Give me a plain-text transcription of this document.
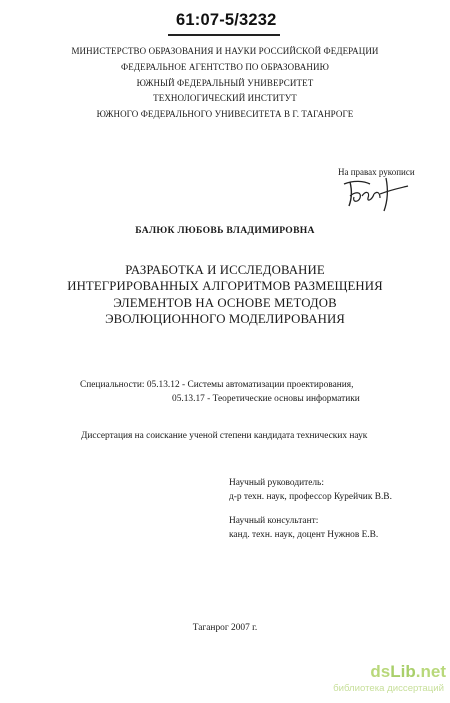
61:07-5/3232
МИНИСТЕРСТВО ОБРАЗОВАНИЯ И НАУКИ РОССИЙСКОЙ ФЕДЕРАЦИИ
ФЕДЕРАЛЬНОЕ АГЕНТСТВО ПО ОБРАЗОВАНИЮ
ЮЖНЫЙ ФЕДЕРАЛЬНЫЙ УНИВЕРСИТЕТ
ТЕХНОЛОГИЧЕСКИЙ ИНСТИТУТ
ЮЖНОГО ФЕДЕРАЛЬНОГО УНИВЕСИТЕТА В Г. ТАГАНРОГЕ
На правах рукописи
БАЛЮК ЛЮБОВЬ ВЛАДИМИРОВНА
РАЗРАБОТКА И ИССЛЕДОВАНИЕ
ИНТЕГРИРОВАННЫХ АЛГОРИТМОВ РАЗМЕЩЕНИЯ
ЭЛЕМЕНТОВ НА ОСНОВЕ МЕТОДОВ
ЭВОЛЮЦИОННОГО МОДЕЛИРОВАНИЯ
Специальности: 05.13.12 - Системы автоматизации проектирования,
05.13.17 - Теоретические основы информатики
Диссертация на соискание ученой степени кандидата технических наук
Научный руководитель:
д-р техн. наук, профессор Курейчик В.В.
Научный консультант:
канд. техн. наук, доцент Нужнов Е.В.
Таганрог 2007 г.
dsLib.net
библиотека диссертаций
